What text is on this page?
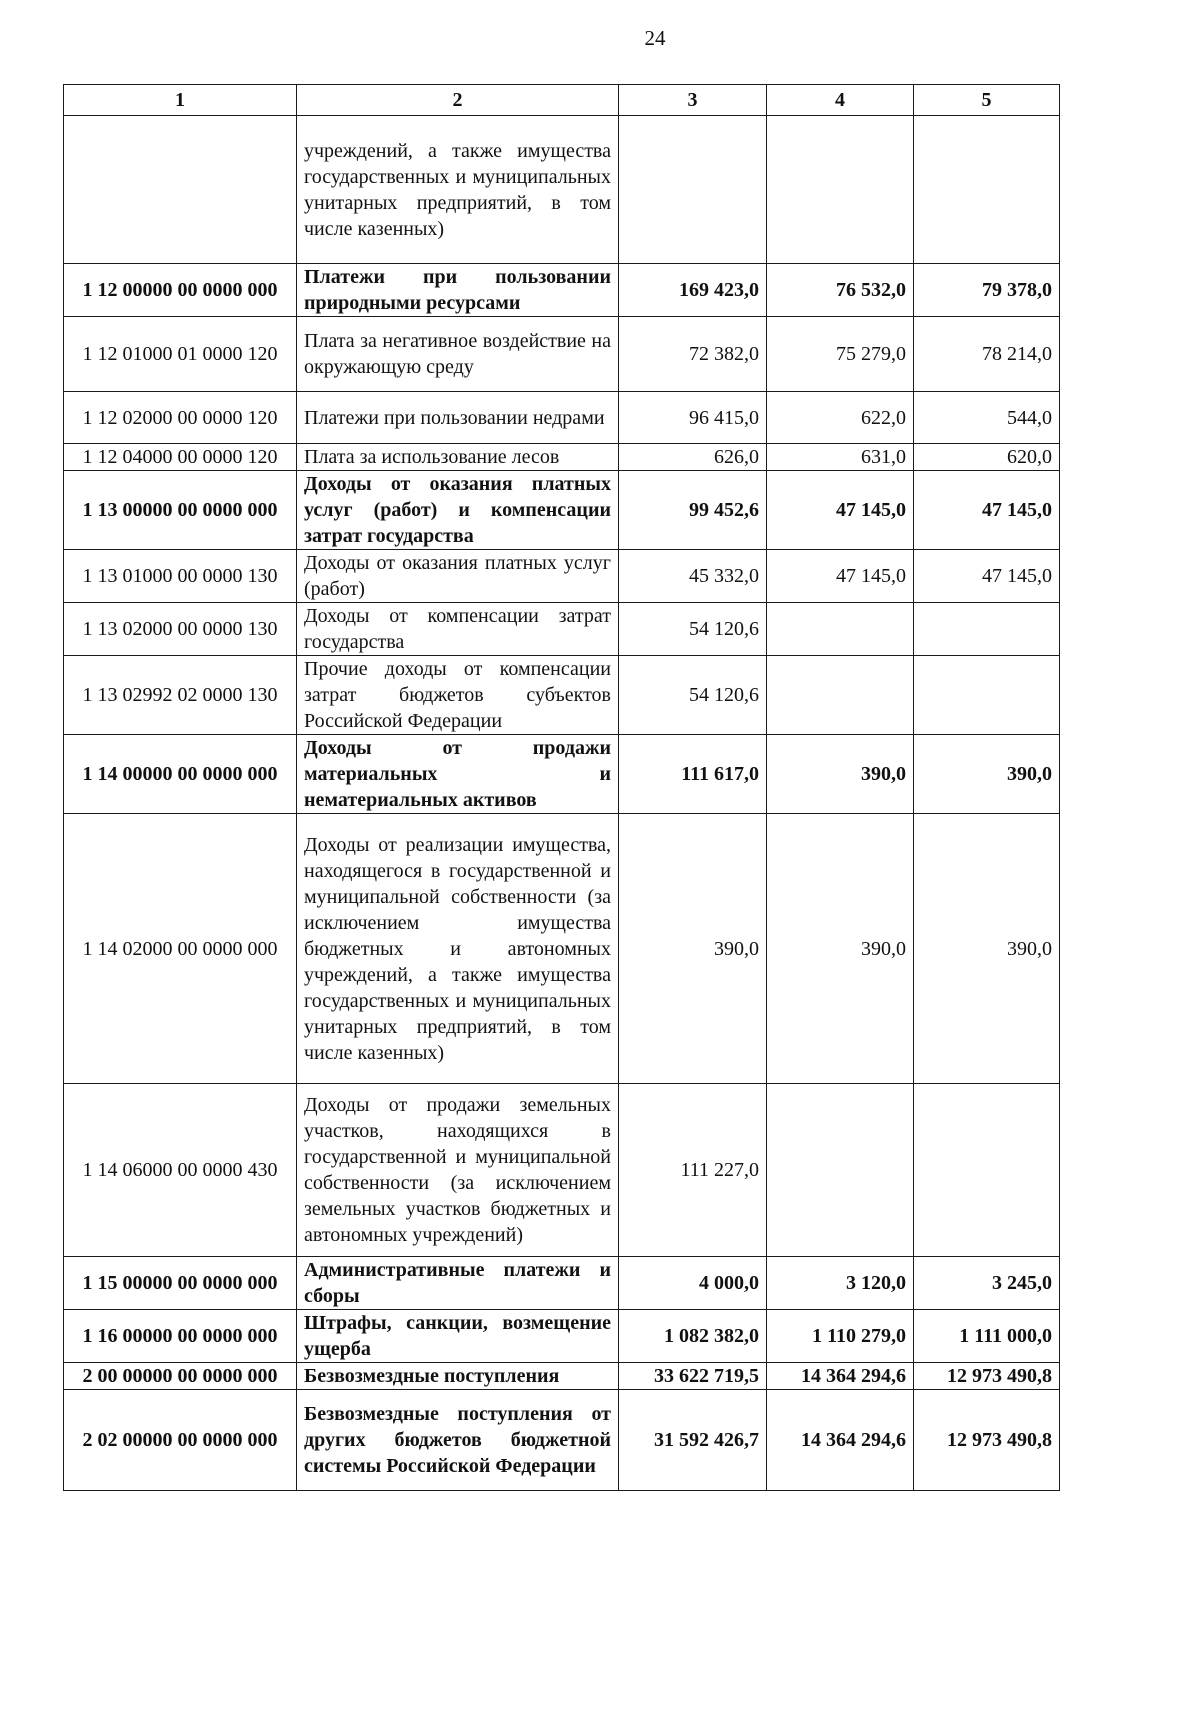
24
1	2	3	4	5
	учреждений, а также имущества государственных и муниципальных унитарных предприятий, в том числе казенных)			
1 12 00000 00 0000 000	Платежи при пользовании природными ресурсами	169 423,0	76 532,0	79 378,0
1 12 01000 01 0000 120	Плата за негативное воздействие на окружающую среду	72 382,0	75 279,0	78 214,0
1 12 02000 00 0000 120	Платежи при пользовании недрами	96 415,0	622,0	544,0
1 12 04000 00 0000 120	Плата за использование лесов	626,0	631,0	620,0
1 13 00000 00 0000 000	Доходы от оказания платных услуг (работ) и компенсации затрат государства	99 452,6	47 145,0	47 145,0
1 13 01000 00 0000 130	Доходы от оказания платных услуг (работ)	45 332,0	47 145,0	47 145,0
1 13 02000 00 0000 130	Доходы от компенсации затрат государства	54 120,6		
1 13 02992 02 0000 130	Прочие доходы от компенсации затрат бюджетов субъектов Российской Федерации	54 120,6		
1 14 00000 00 0000 000	Доходы от продажи материальных и нематериальных активов	111 617,0	390,0	390,0
1 14 02000 00 0000 000	Доходы от реализации имущества, находящегося в государственной и муниципальной собственности (за исключением имущества бюджетных и автономных учреждений, а также имущества государственных и муниципальных унитарных предприятий, в том числе казенных)	390,0	390,0	390,0
1 14 06000 00 0000 430	Доходы от продажи земельных участков, находящихся в государственной и муниципальной собственности (за исключением земельных участков бюджетных и автономных учреждений)	111 227,0		
1 15 00000 00 0000 000	Административные платежи и сборы	4 000,0	3 120,0	3 245,0
1 16 00000 00 0000 000	Штрафы, санкции, возмещение ущерба	1 082 382,0	1 110 279,0	1 111 000,0
2 00 00000 00 0000 000	Безвозмездные поступления	33 622 719,5	14 364 294,6	12 973 490,8
2 02 00000 00 0000 000	Безвозмездные поступления от других бюджетов бюджетной системы Российской Федерации	31 592 426,7	14 364 294,6	12 973 490,8
